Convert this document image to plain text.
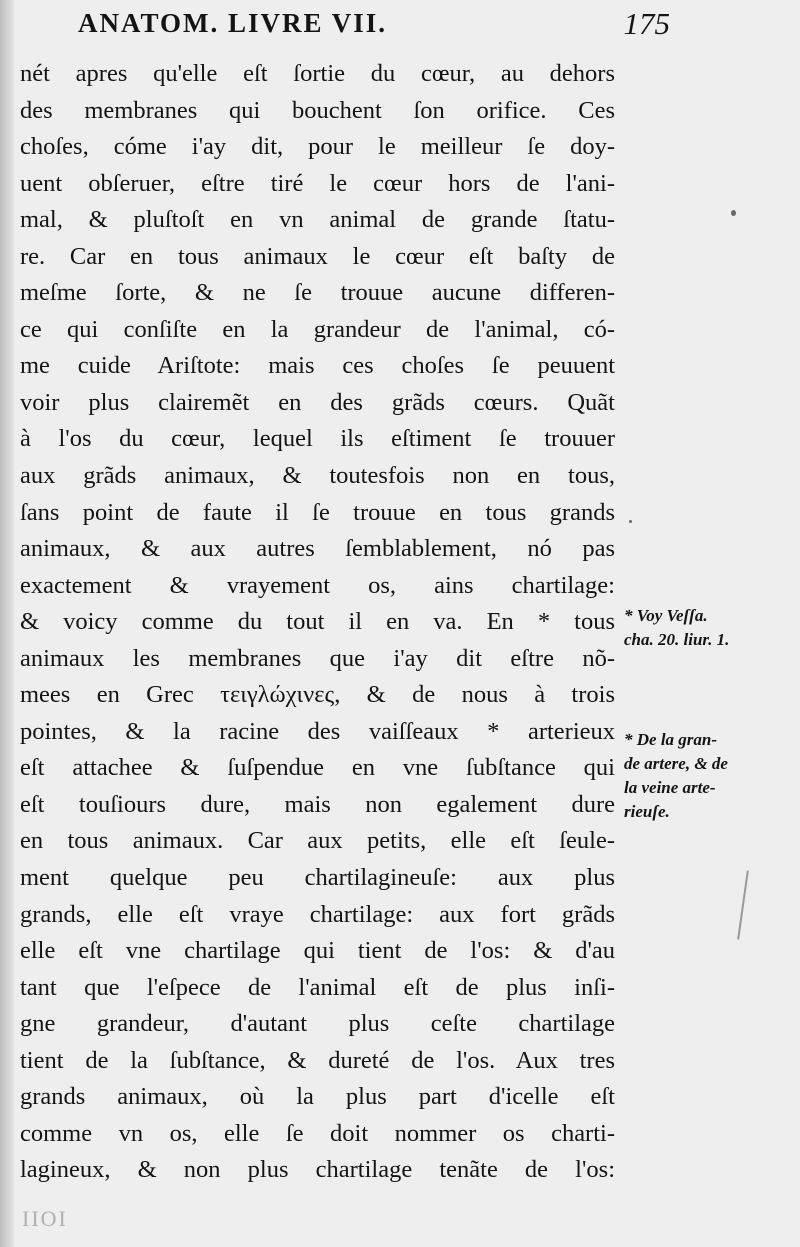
ANATOM. LIVRE VII.	175
nét apres qu'elle eſt ſortie du cœur, au dehors
des membranes qui bouchent ſon orifice. Ces
choſes, cóme i'ay dit, pour le meilleur ſe doy-
uent obſeruer, eſtre tiré le cœur hors de l'ani-
mal, & pluſtoſt en vn animal de grande ſtatu-
re. Car en tous animaux le cœur eſt baſty de
meſme ſorte, & ne ſe trouue aucune differen-
ce qui conſiſte en la grandeur de l'animal, có-
me cuide Ariſtote: mais ces choſes ſe peuuent
voir plus clairemẽt en des grãds cœurs. Quãt
à l'os du cœur, lequel ils eſtiment ſe trouuer
aux grãds animaux, & toutesfois non en tous,
ſans point de faute il ſe trouue en tous grands
animaux, & aux autres ſemblablement, nó pas
exactement & vrayement os, ains chartilage:
& voicy comme du tout il en va. En * tous
animaux les membranes que i'ay dit eſtre nõ-
mees en Grec τειγλώχινες, & de nous à trois
pointes, & la racine des vaiſſeaux * arterieux
eſt attachee & ſuſpendue en vne ſubſtance qui
eſt touſiours dure, mais non egalement dure
en tous animaux. Car aux petits, elle eſt ſeule-
ment quelque peu chartilagineuſe: aux plus
grands, elle eſt vraye chartilage: aux fort grãds
elle eſt vne chartilage qui tient de l'os: & d'au
tant que l'eſpece de l'animal eſt de plus inſi-
gne grandeur, d'autant plus ceſte chartilage
tient de la ſubſtance, & dureté de l'os. Aux tres
grands animaux, où la plus part d'icelle eſt
comme vn os, elle ſe doit nommer os charti-
lagineux, & non plus chartilage tenãte de l'os:
* Voy Veſſa.
cha. 20. liur. 1.
* De la gran-
de artere, & de
la veine arte-
rieuſe.
IIOI
